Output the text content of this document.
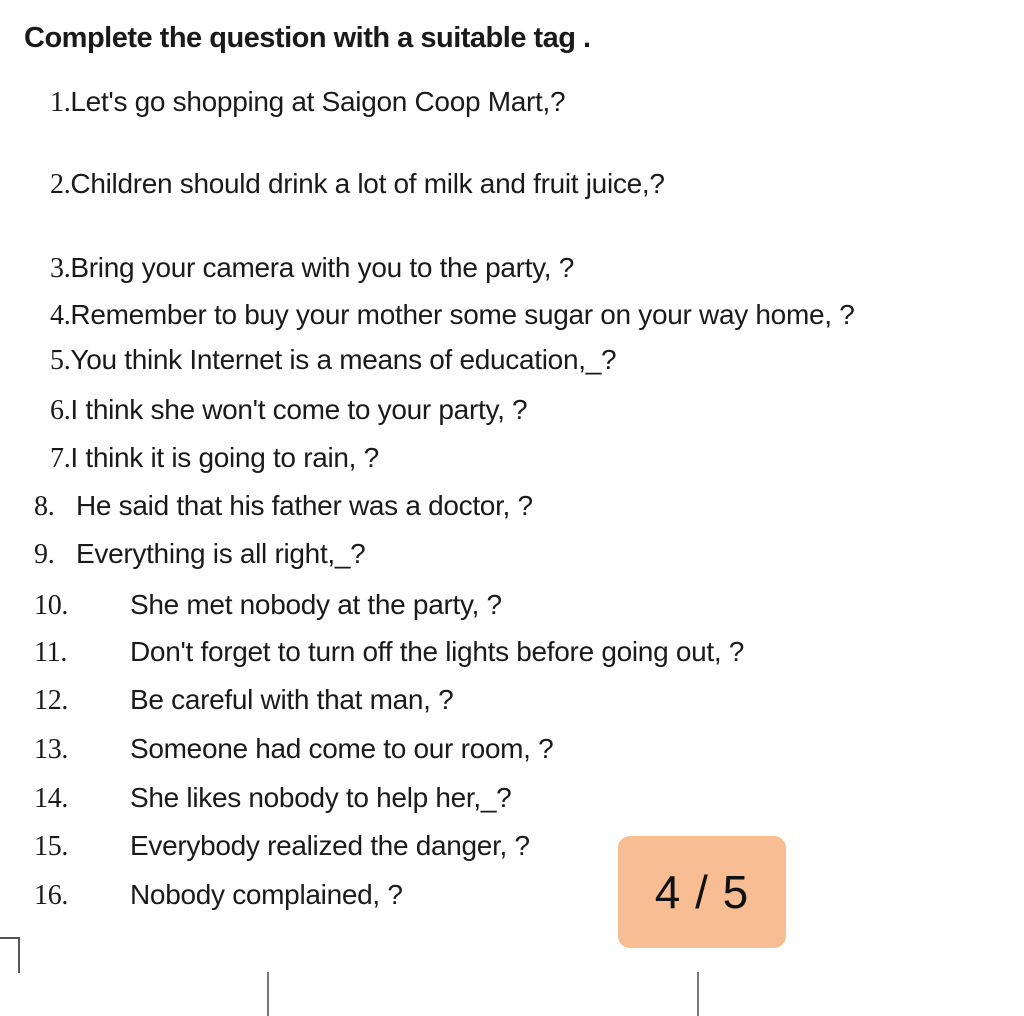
Complete the question with a suitable tag .
1.Let's go shopping at Saigon Coop Mart,?
2.Children should drink a lot of milk and fruit juice,?
3.Bring your camera with you to the party, ?
4.Remember to buy your mother some sugar on your way home, ?
5.You think Internet is a means of education,_?
6.I think she won't come to your party, ?
7.I think it is going to rain, ?
8. He said that his father was a doctor, ?
9. Everything is all right,_?
10. She met nobody at the party, ?
11. Don't forget to turn off the lights before going out, ?
12. Be careful with that man, ?
13. Someone had come to our room, ?
14. She likes nobody to help her,_?
15. Everybody realized the danger, ?
16. Nobody complained, ?	4 / 5
